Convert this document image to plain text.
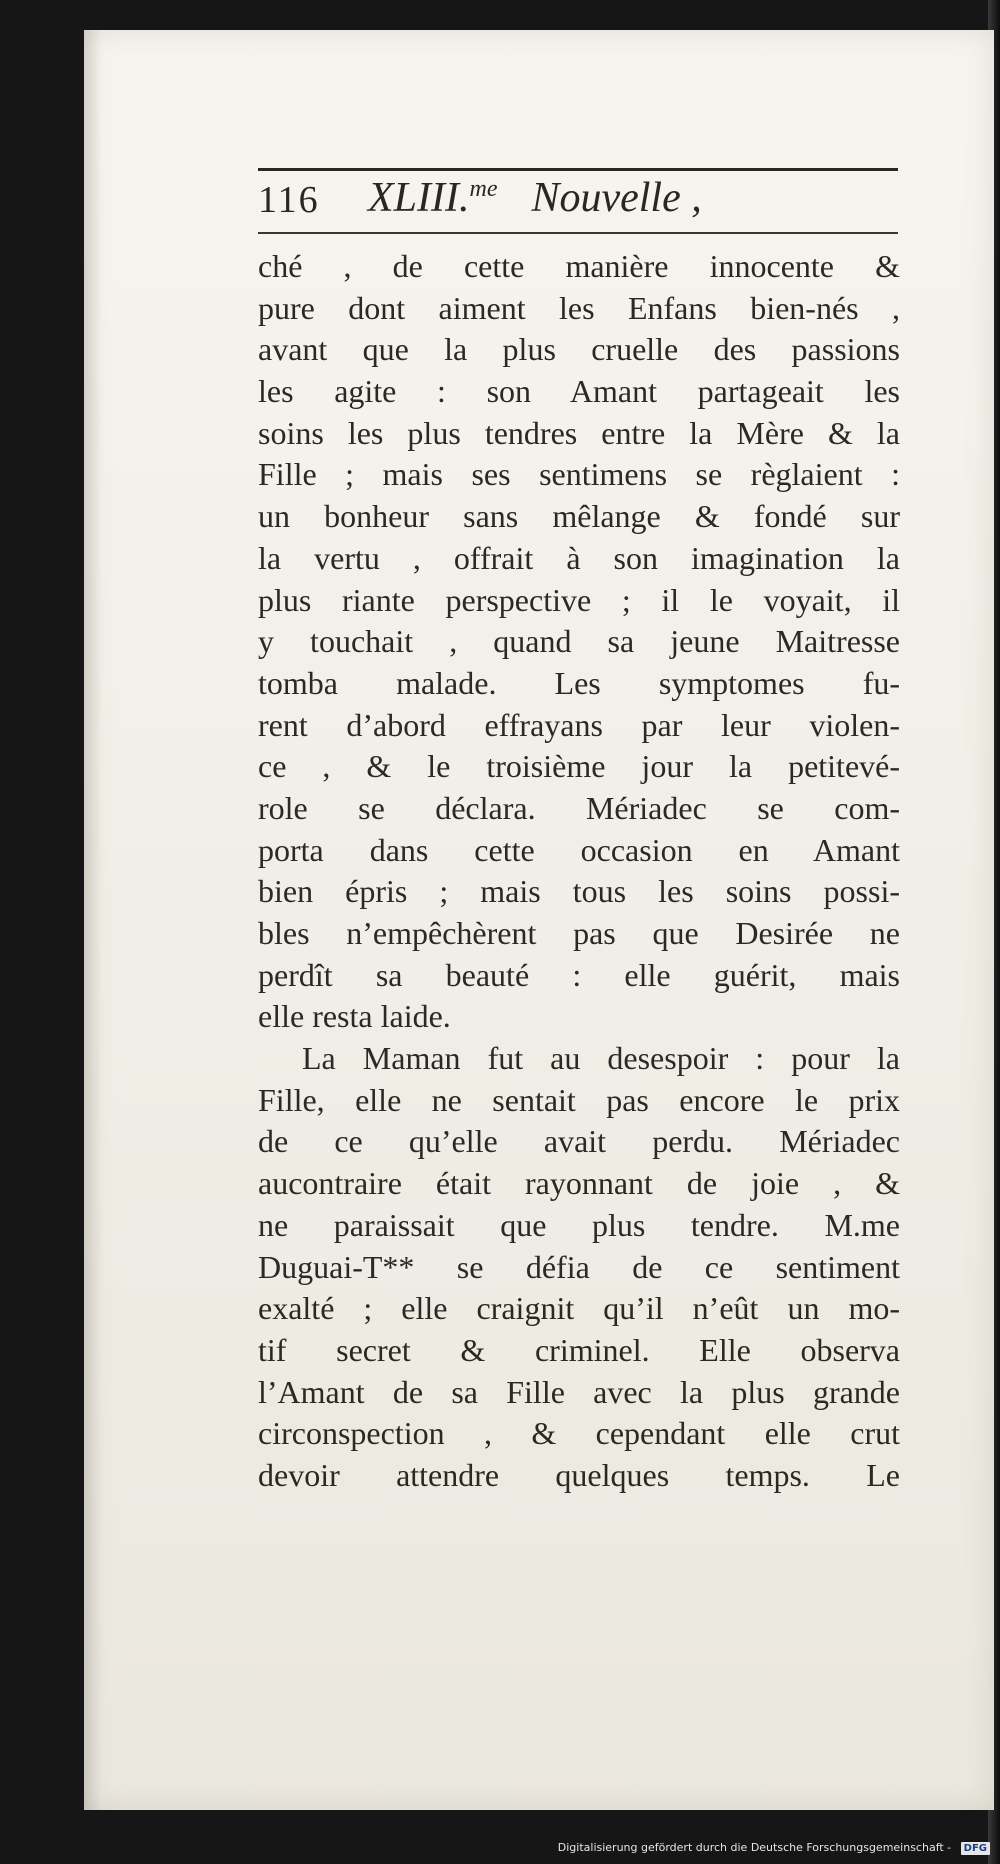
116 XLIII.$^{me}$ Nouvelle ,
ché , de cette manière innocente &
pure dont aiment les Enfans bien-nés ,
avant que la plus cruelle des passions
les agite : son Amant partageait les
soins les plus tendres entre la Mère & la
Fille ; mais ses sentimens se règlaient :
un bonheur sans mêlange & fondé sur
la vertu , offrait à son imagination la
plus riante perspective ; il le voyait, il
y touchait , quand sa jeune Maitresse
tomba malade. Les symptomes fu-
rent d’abord effrayans par leur violen-
ce , & le troisième jour la petitevé-
role se déclara. Mériadec se com-
porta dans cette occasion en Amant
bien épris ; mais tous les soins possi-
bles n’empêchèrent pas que Desirée ne
perdît sa beauté : elle guérit, mais
elle resta laide.
La Maman fut au desespoir : pour la
Fille, elle ne sentait pas encore le prix
de ce qu’elle avait perdu. Mériadec
aucontraire était rayonnant de joie , &
ne paraissait que plus tendre. M.me
Duguai-T** se défia de ce sentiment
exalté ; elle craignit qu’il n’eût un mo-
tif secret & criminel. Elle observa
l’Amant de sa Fille avec la plus grande
circonspection , & cependant elle crut
devoir attendre quelques temps. Le
Digitalisierung gefördert durch die Deutsche Forschungsgemeinschaft - DFG
